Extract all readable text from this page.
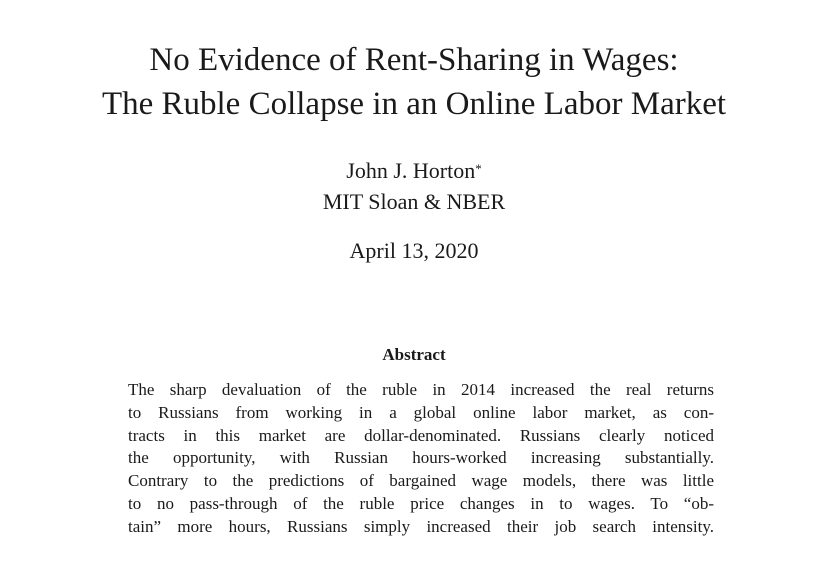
No Evidence of Rent-Sharing in Wages:
The Ruble Collapse in an Online Labor Market
John J. Horton*
MIT Sloan & NBER
April 13, 2020
Abstract
The sharp devaluation of the ruble in 2014 increased the real returns
to Russians from working in a global online labor market, as con-
tracts in this market are dollar-denominated. Russians clearly noticed
the opportunity, with Russian hours-worked increasing substantially.
Contrary to the predictions of bargained wage models, there was little
to no pass-through of the ruble price changes in to wages. To “ob-
tain” more hours, Russians simply increased their job search intensity.
